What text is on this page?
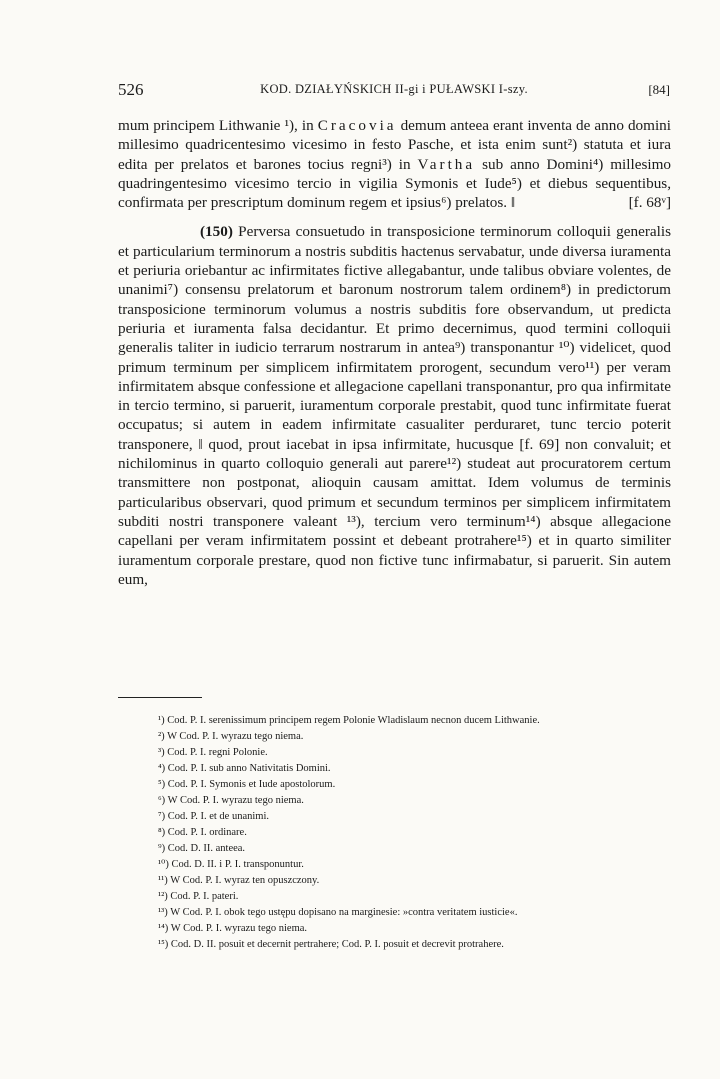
526	KOD. DZIAŁYŃSKICH II-gi i PUŁAWSKI I-szy.	[84]

mum principem Lithwanie ¹), in Cracovia demum anteea erant inventa de anno domini millesimo quadricentesimo vicesimo in festo Pasche, et ista enim sunt²) statuta et iura edita per prelatos et barones tocius regni³) in Vartha sub anno Domini⁴) millesimo quadringentesimo vicesimo tercio in vigilia Symonis et Iude⁵) et diebus sequentibus, confirmata per prescriptum dominum regem et ipsius⁶) prelatos. ‖	[f. 68ᵛ]

(150) Perversa consuetudo in transposicione terminorum colloquii generalis et particularium terminorum a nostris subditis hactenus servabatur, unde diversa iuramenta et periuria oriebantur ac infirmitates fictive allegabantur, unde talibus obviare volentes, de unanimi⁷) consensu prelatorum et baronum nostrorum talem ordinem⁸) in predictorum transposicione terminorum volumus a nostris subditis fore observandum, ut predicta periuria et iuramenta falsa decidantur. Et primo decernimus, quod termini colloquii generalis taliter in iudicio terrarum nostrarum in antea⁹) transponantur ¹⁰) videlicet, quod primum terminum per simplicem infirmitatem prorogent, secundum vero¹¹) per veram infirmitatem absque confessione et allegacione capellani transponantur, pro qua infirmitate in tercio termino, si paruerit, iuramentum corporale prestabit, quod tunc infirmitate fuerat occupatus; si autem in eadem infirmitate casualiter perduraret, tunc tercio poterit transponere, ‖ quod, prout iacebat in ipsa infirmitate, hucusque [f. 69] non convaluit; et nichilominus in quarto colloquio generali aut parere¹²) studeat aut procuratorem certum transmittere non postponat, alioquin causam amittat. Idem volumus de terminis particularibus observari, quod primum et secundum terminos per simplicem infirmitatem subditi nostri transponere valeant ¹³), tercium vero terminum¹⁴) absque allegacione capellani per veram infirmitatem possint et debeant protrahere¹⁵) et in quarto similiter iuramentum corporale prestare, quod non fictive tunc infirmabatur, si paruerit. Sin autem eum,

¹) Cod. P. I. serenissimum principem regem Polonie Wladislaum necnon ducem Lithwanie.

²) W Cod. P. I. wyrazu tego niema.

³) Cod. P. I. regni Polonie.

⁴) Cod. P. I. sub anno Nativitatis Domini.

⁵) Cod. P. I. Symonis et Iude apostolorum.

⁶) W Cod. P. I. wyrazu tego niema.

⁷) Cod. P. I. et de unanimi.

⁸) Cod. P. I. ordinare.

⁹) Cod. D. II. anteea.

¹⁰) Cod. D. II. i P. I. transponuntur.

¹¹) W Cod. P. I. wyraz ten opuszczony.

¹²) Cod. P. I. pateri.

¹³) W Cod. P. I. obok tego ustępu dopisano na marginesie: »contra veritatem iusticie«.

¹⁴) W Cod. P. I. wyrazu tego niema.

¹⁵) Cod. D. II. posuit et decernit pertrahere; Cod. P. I. posuit et decrevit protrahere.
